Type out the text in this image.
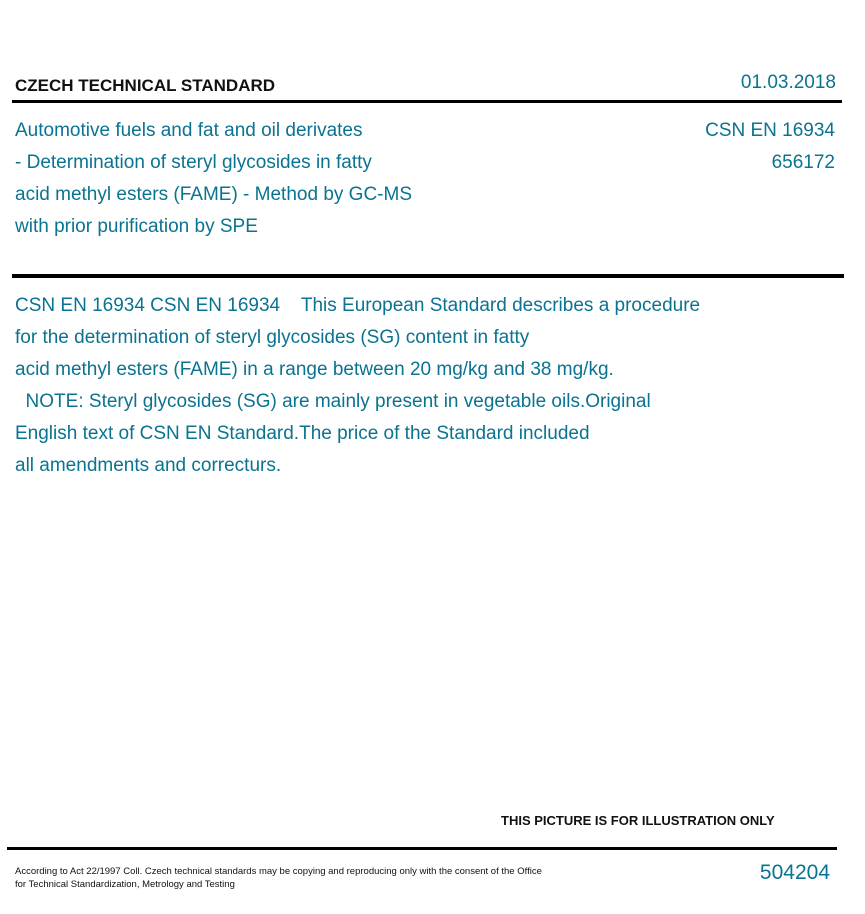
CZECH TECHNICAL STANDARD	01.03.2018
Automotive fuels and fat and oil derivates
- Determination of steryl glycosides in fatty
acid methyl esters (FAME) - Method by GC-MS
with prior purification by SPE
CSN EN 16934
656172
CSN EN 16934 CSN EN 16934    This European Standard describes a procedure
for the determination of steryl glycosides (SG) content in fatty
acid methyl esters (FAME) in a range between 20 mg/kg and 38 mg/kg.
NOTE: Steryl glycosides (SG) are mainly present in vegetable oils.Original
English text of CSN EN Standard.The price of the Standard included
all amendments and correcturs.
THIS PICTURE IS FOR ILLUSTRATION ONLY
According to Act 22/1997 Coll. Czech technical standards may be copying and reproducing only with the consent of the Office
for Technical Standardization, Metrology and Testing
504204
